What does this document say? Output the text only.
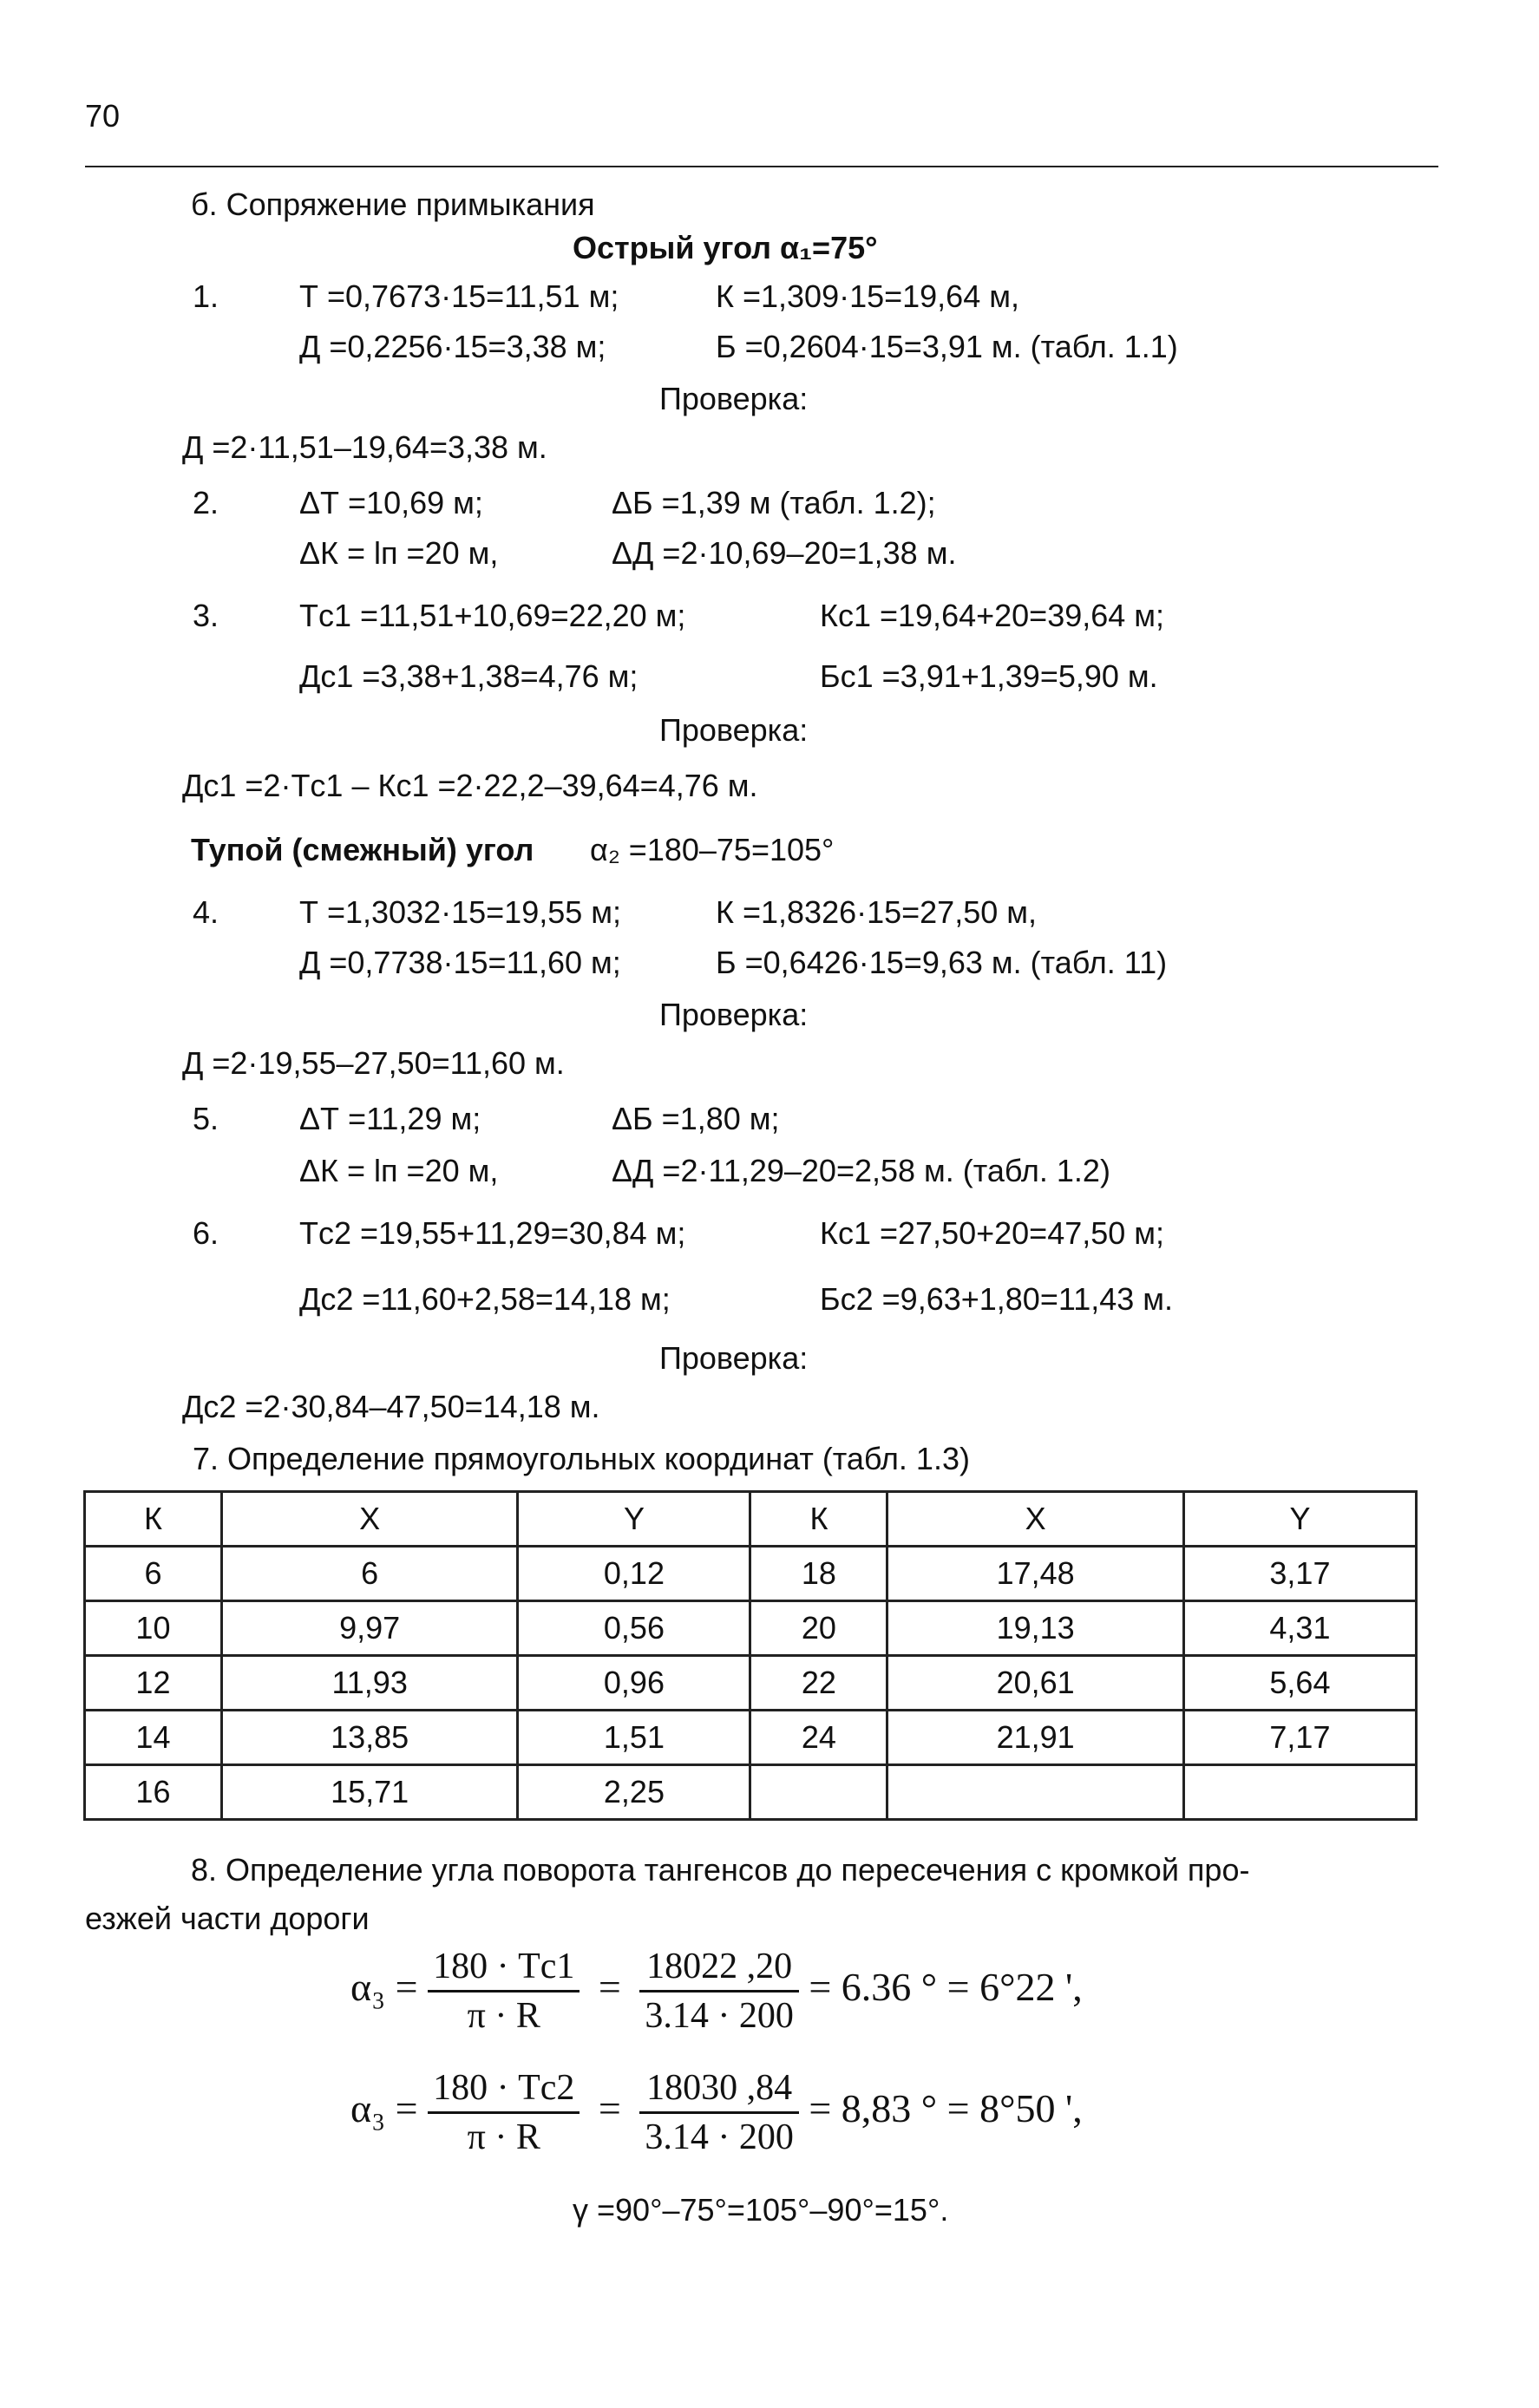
70
б. Сопряжение примыкания
Острый угол α₁=75°
1.	Т =0,7673·15=11,51 м;	К =1,309·15=19,64 м,
Д =0,2256·15=3,38 м;	Б =0,2604·15=3,91 м. (табл. 1.1)
Проверка:
Д =2·11,51–19,64=3,38 м.
2.	ΔТ =10,69 м;	ΔБ =1,39 м (табл. 1.2);
ΔК = lп =20 м,	ΔД =2·10,69–20=1,38 м.
3.	Тc1 =11,51+10,69=22,20 м;	Кc1 =19,64+20=39,64 м;
Дc1 =3,38+1,38=4,76 м;	Бc1 =3,91+1,39=5,90 м.
Проверка:
Дc1 =2·Тc1 – Кc1 =2·22,2–39,64=4,76 м.
Тупой (смежный) угол α₂ =180–75=105°
4.	Т =1,3032·15=19,55 м;	К =1,8326·15=27,50 м,
Д =0,7738·15=11,60 м;	Б =0,6426·15=9,63 м. (табл. 11)
Проверка:
Д =2·19,55–27,50=11,60 м.
5.	ΔТ =11,29 м;	ΔБ =1,80 м;
ΔК = lп =20 м,	ΔД =2·11,29–20=2,58 м. (табл. 1.2)
6.	Тc2 =19,55+11,29=30,84 м;	Кc1 =27,50+20=47,50 м;
Дc2 =11,60+2,58=14,18 м;	Бc2 =9,63+1,80=11,43 м.
Проверка:
Дc2 =2·30,84–47,50=14,18 м.
7. Определение прямоугольных координат (табл. 1.3)
К	X	Y	К	X	Y
6	6	0,12	18	17,48	3,17
10	9,97	0,56	20	19,13	4,31
12	11,93	0,96	22	20,61	5,64
14	13,85	1,51	24	21,91	7,17
16	15,71	2,25			
8. Определение угла поворота тангенсов до пересечения с кромкой про-
езжей части дороги
$\alpha_3 = \frac{180 \cdot Тc1}{\pi \cdot R} = \frac{18022 ,20}{3.14 \cdot 200} = 6.36$ ° = 6°22 ',
$\alpha_3 = \frac{180 \cdot Тc2}{\pi \cdot R} = \frac{18030 ,84}{3.14 \cdot 200} = 8,83$ ° = 8°50 ',
γ =90°–75°=105°–90°=15°.
